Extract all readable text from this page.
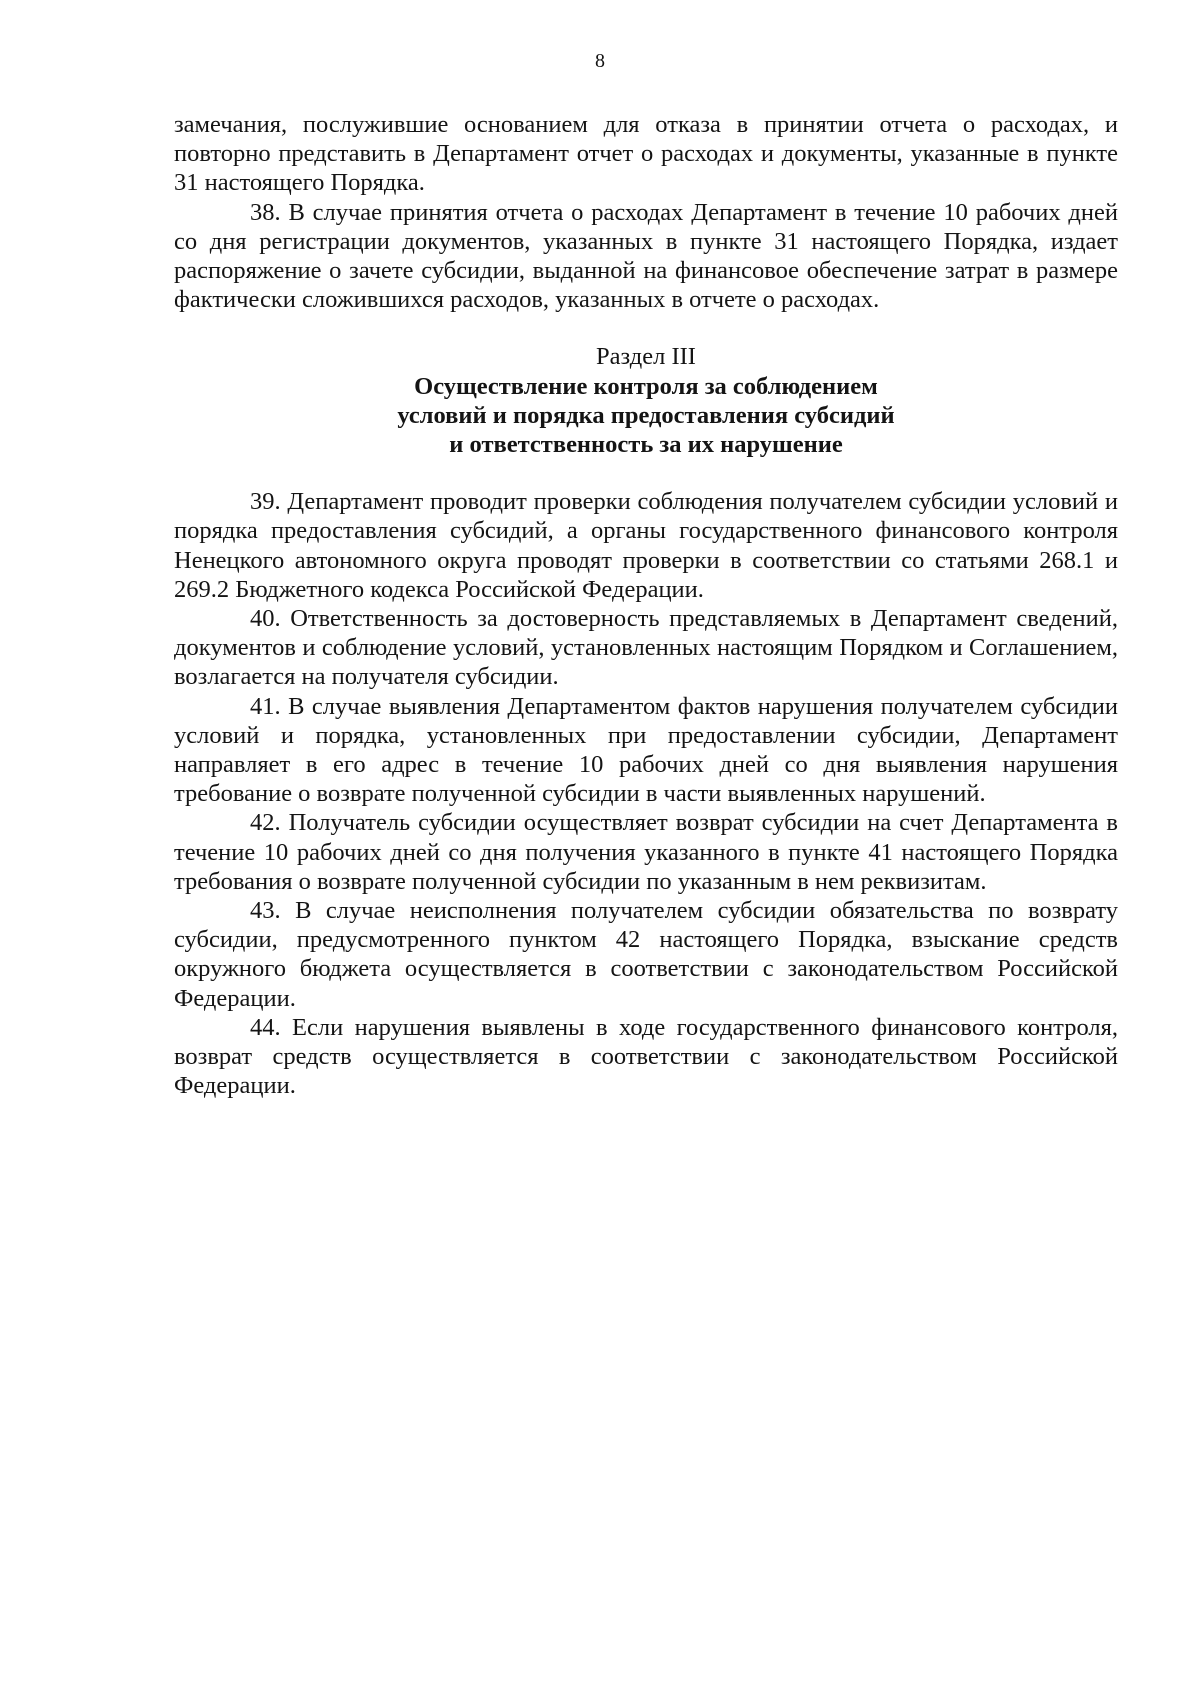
8

замечания, послужившие основанием для отказа в принятии отчета о расходах, и повторно представить в Департамент отчет о расходах и документы, указанные в пункте 31 настоящего Порядка.

38. В случае принятия отчета о расходах Департамент в течение 10 рабочих дней со дня регистрации документов, указанных в пункте 31 настоящего Порядка, издает распоряжение о зачете субсидии, выданной на финансовое обеспечение затрат в размере фактически сложившихся расходов, указанных в отчете о расходах.

Раздел III
Осуществление контроля за соблюдением
условий и порядка предоставления субсидий
и ответственность за их нарушение

39. Департамент проводит проверки соблюдения получателем субсидии условий и порядка предоставления субсидий, а органы государственного финансового контроля Ненецкого автономного округа проводят проверки в соответствии со статьями 268.1 и 269.2 Бюджетного кодекса Российской Федерации.

40. Ответственность за достоверность представляемых в Департамент сведений, документов и соблюдение условий, установленных настоящим Порядком и Соглашением, возлагается на получателя субсидии.

41. В случае выявления Департаментом фактов нарушения получателем субсидии условий и порядка, установленных при предоставлении субсидии, Департамент направляет в его адрес в течение 10 рабочих дней со дня выявления нарушения требование о возврате полученной субсидии в части выявленных нарушений.

42. Получатель субсидии осуществляет возврат субсидии на счет Департамента в течение 10 рабочих дней со дня получения указанного в пункте 41 настоящего Порядка требования о возврате полученной субсидии по указанным в нем реквизитам.

43. В случае неисполнения получателем субсидии обязательства по возврату субсидии, предусмотренного пунктом 42 настоящего Порядка, взыскание средств окружного бюджета осуществляется в соответствии с законодательством Российской Федерации.

44. Если нарушения выявлены в ходе государственного финансового контроля, возврат средств осуществляется в соответствии с законодательством Российской Федерации.
